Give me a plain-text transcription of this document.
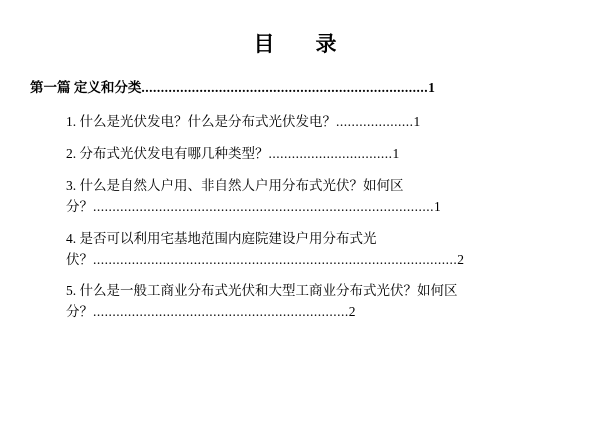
目　录
第一篇 定义和分类..........................................................................1
1. 什么是光伏发电？什么是分布式光伏发电？....................1
2. 分布式光伏发电有哪几种类型？................................1
3. 什么是自然人户用、非自然人户用分布式光伏？如何区分？........................................................................................1
4. 是否可以利用宅基地范围内庭院建设户用分布式光伏？..............................................................................................2
5. 什么是一般工商业分布式光伏和大型工商业分布式光伏？如何区分？..................................................................2
